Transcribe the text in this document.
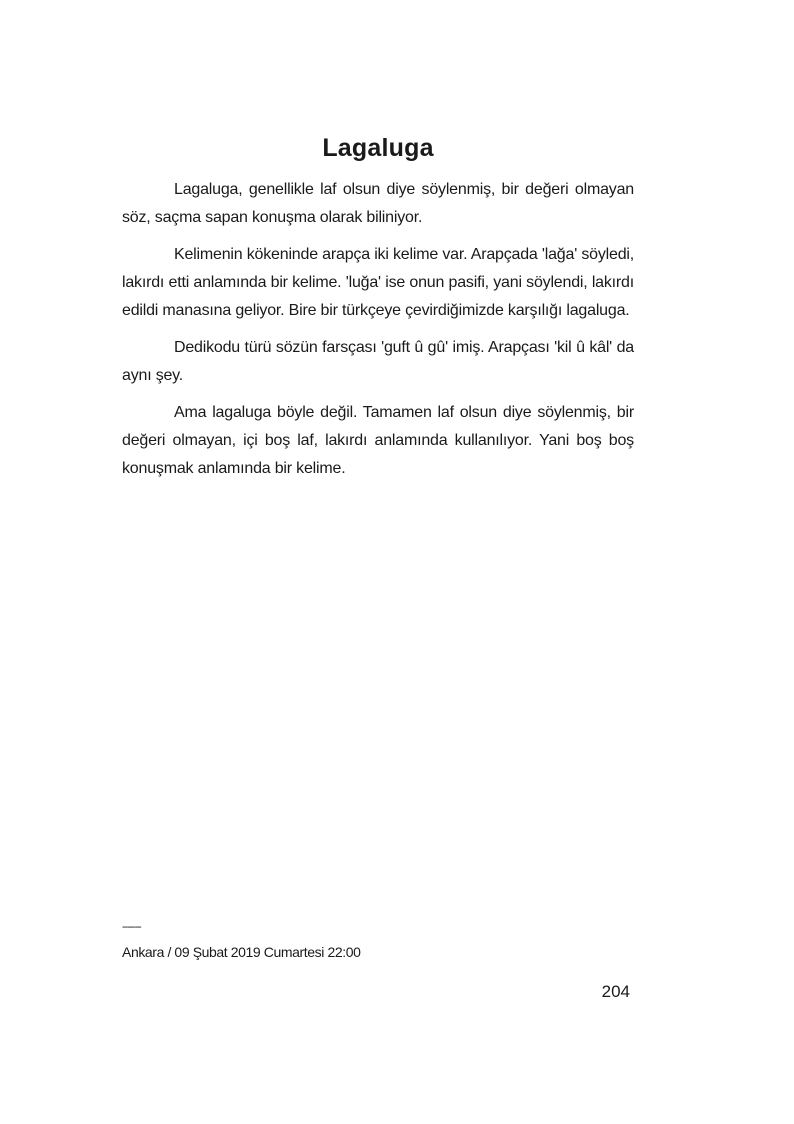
Lagaluga

Lagaluga, genellikle laf olsun diye söylenmiş, bir değeri olmayan söz, saçma sapan konuşma olarak biliniyor.

Kelimenin kökeninde arapça iki kelime var. Arapçada 'lağa' söyledi, lakırdı etti anlamında bir kelime. 'luğa' ise onun pasifi, yani söylendi, lakırdı edildi manasına geliyor. Bire bir türkçeye çevirdiğimizde karşılığı lagaluga.

Dedikodu türü sözün farsçası 'guft û gû' imiş. Arapçası 'kil û kâl' da aynı şey.

Ama lagaluga böyle değil. Tamamen laf olsun diye söylenmiş, bir değeri olmayan, içi boş laf, lakırdı anlamında kullanılıyor. Yani boş boş konuşmak anlamında bir kelime.

-------
Ankara / 09 Şubat 2019 Cumartesi 22:00
204
